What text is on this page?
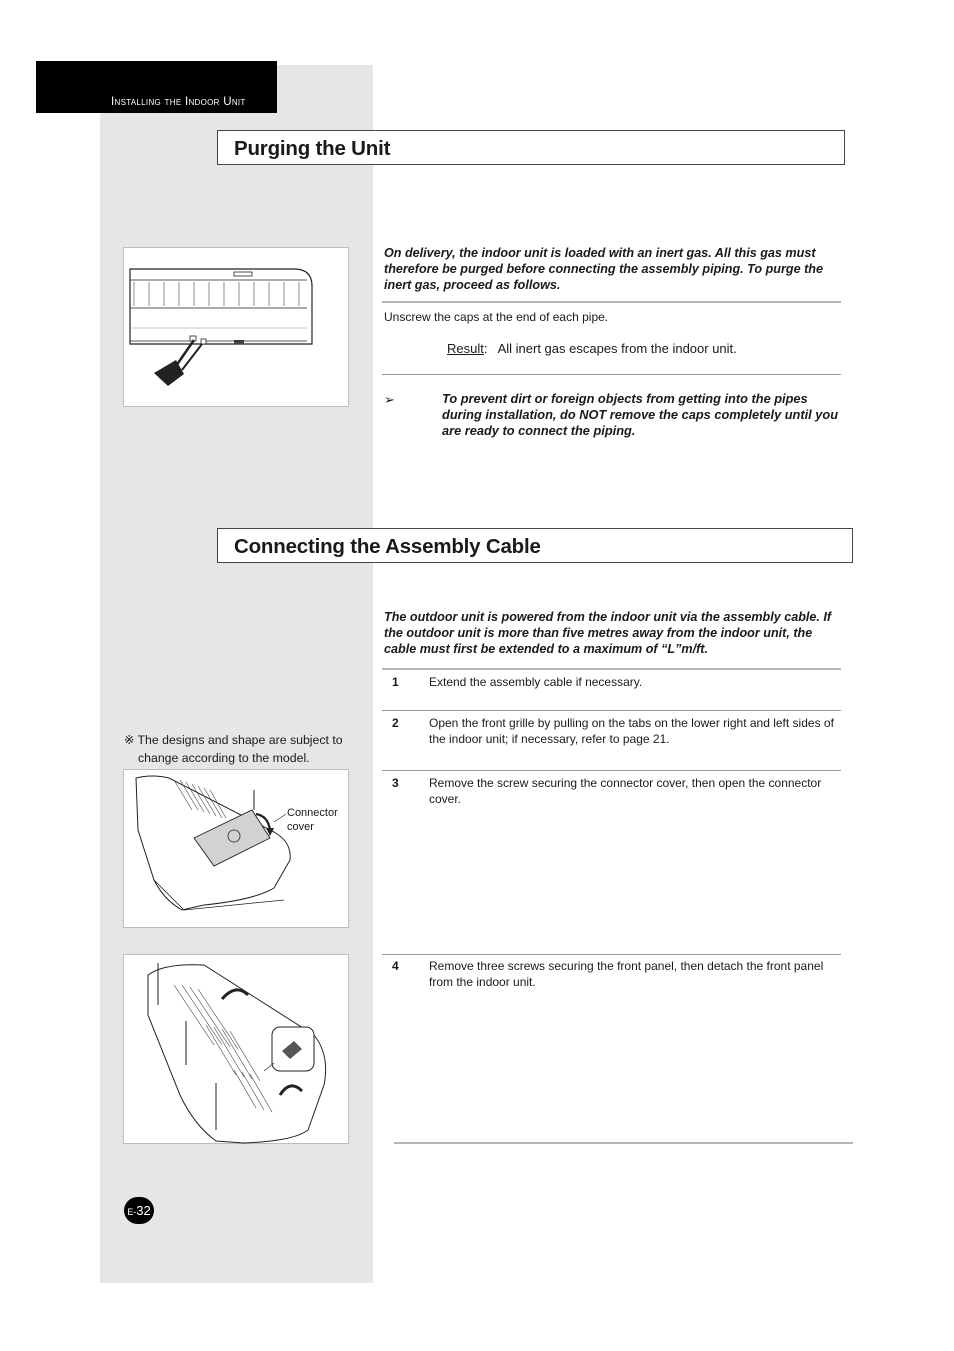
Installing the Indoor Unit
Purging the Unit

On delivery, the indoor unit is loaded with an inert gas. All this gas must therefore be purged before connecting the assembly piping. To purge the inert gas, proceed as follows.

Unscrew the caps at the end of each pipe.
Result:   All inert gas escapes from the indoor unit.
➢	To prevent dirt or foreign objects from getting into the pipes during installation, do NOT remove the caps completely until you are ready to connect the piping.
Connecting the Assembly Cable

The outdoor unit is powered from the indoor unit via the assembly cable. If the outdoor unit is more than five metres away from the indoor unit, the cable must first be extended to a maximum of “L”m/ft.

1	Extend the assembly cable if necessary.
2	Open the front grille by pulling on the tabs on the lower right and left sides of the indoor unit; if necessary, refer to page 21.
3	Remove the screw securing the connector cover, then open the connector cover.
4	Remove three screws securing the front panel, then detach the front panel from the indoor unit.
※ The designs and shape are subject to
change according to the model.
Connector
cover
E-32
